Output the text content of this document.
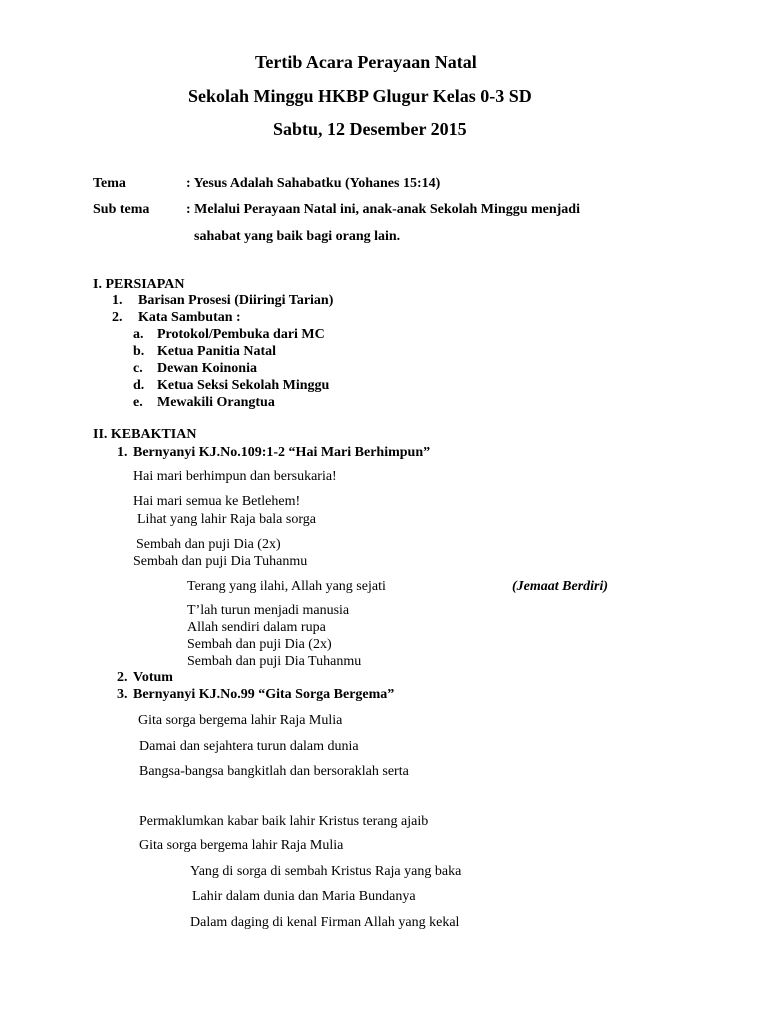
Tertib Acara Perayaan Natal
Sekolah Minggu HKBP Glugur Kelas 0-3 SD
Sabtu, 12 Desember 2015
Tema	: Yesus Adalah Sahabatku (Yohanes 15:14)
Sub tema	: Melalui Perayaan Natal ini, anak-anak Sekolah Minggu menjadi
sahabat yang baik bagi orang lain.
I. PERSIAPAN
1. Barisan Prosesi (Diiringi Tarian)
2. Kata Sambutan :
a. Protokol/Pembuka dari MC
b. Ketua Panitia Natal
c. Dewan Koinonia
d. Ketua Seksi Sekolah Minggu
e. Mewakili Orangtua
II. KEBAKTIAN
1. Bernyanyi KJ.No.109:1-2 “Hai Mari Berhimpun”
Hai mari berhimpun dan bersukaria!
Hai mari semua ke Betlehem!
Lihat yang lahir Raja bala sorga
Sembah dan puji Dia (2x)
Sembah dan puji Dia Tuhanmu
Terang yang ilahi, Allah yang sejati	(Jemaat Berdiri)
T’lah turun menjadi manusia
Allah sendiri dalam rupa
Sembah dan puji Dia (2x)
Sembah dan puji Dia Tuhanmu
2. Votum
3. Bernyanyi KJ.No.99 “Gita Sorga Bergema”
Gita sorga bergema lahir Raja Mulia
Damai dan sejahtera turun dalam dunia
Bangsa-bangsa bangkitlah dan bersoraklah serta
Permaklumkan kabar baik lahir Kristus terang ajaib
Gita sorga bergema lahir Raja Mulia
Yang di sorga di sembah Kristus Raja yang baka
Lahir dalam dunia dan Maria Bundanya
Dalam daging di kenal Firman Allah yang kekal
